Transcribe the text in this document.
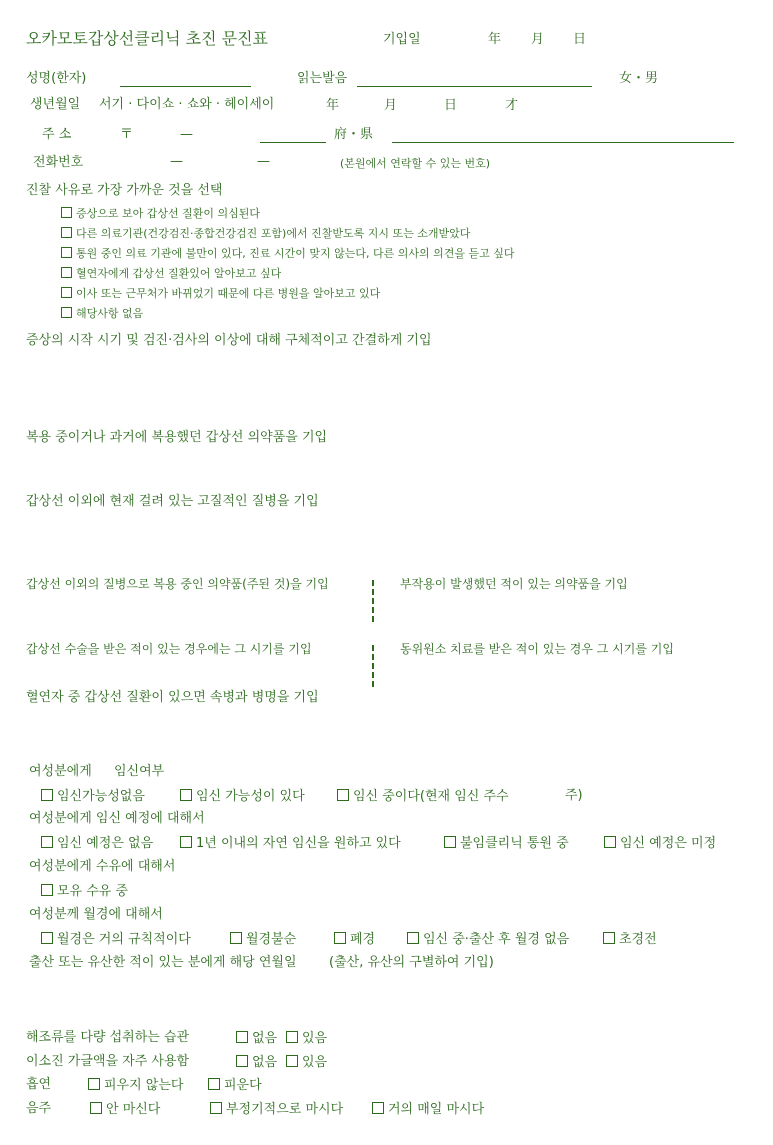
오카모토갑상선클리닉 초진 문진표	기입일	年 月 日
성명(한자)	읽는발음	女・男
생년월일 서기 · 다이쇼 · 쇼와 · 헤이세이	年	月	日	才
주 소	〒	—	府・県
전화번호	—	—	(본원에서 연락할 수 있는 번호)
진찰 사유로 가장 가까운 것을 선택
증상으로 보아 갑상선 질환이 의심된다
다른 의료기관(건강검진·종합건강검진 포함)에서 진찰받도록 지시 또는 소개받았다
통원 중인 의료 기관에 불만이 있다, 진료 시간이 맞지 않는다, 다른 의사의 의견을 듣고 싶다
혈연자에게 갑상선 질환있어 알아보고 싶다
이사 또는 근무처가 바뀌었기 때문에 다른 병원을 알아보고 있다
해당사항 없음
증상의 시작 시기 및 검진·검사의 이상에 대해 구체적이고 간결하게 기입
복용 중이거나 과거에 복용했던 갑상선 의약품을 기입
갑상선 이외에 현재 걸려 있는 고질적인 질병을 기입
갑상선 이외의 질병으로 복용 중인 의약품(주된 것)을 기입	부작용이 발생했던 적이 있는 의약품을 기입
갑상선 수술을 받은 적이 있는 경우에는 그 시기를 기입	동위원소 치료를 받은 적이 있는 경우 그 시기를 기입
혈연자 중 갑상선 질환이 있으면 속병과 병명을 기입
여성분에게 임신여부
임신가능성없음	임신 가능성이 있다	임신 중이다(현재 임신 주수	주)
여성분에게 임신 예정에 대해서
임신 예정은 없음	1년 이내의 자연 임신을 원하고 있다	불임클리닉 통원 중	임신 예정은 미정
여성분에게 수유에 대해서
모유 수유 중
여성분께 월경에 대해서
월경은 거의 규칙적이다	월경불순	폐경	임신 중·출산 후 월경 없음	초경전
출산 또는 유산한 적이 있는 분에게 해당 연월일 (출산, 유산의 구별하여 기입)
해조류를 다량 섭취하는 습관	없음	있음
이소진 가글액을 자주 사용함	없음	있음
흡연	피우지 않는다	피운다
음주	안 마신다	부정기적으로 마시다	거의 매일 마시다
